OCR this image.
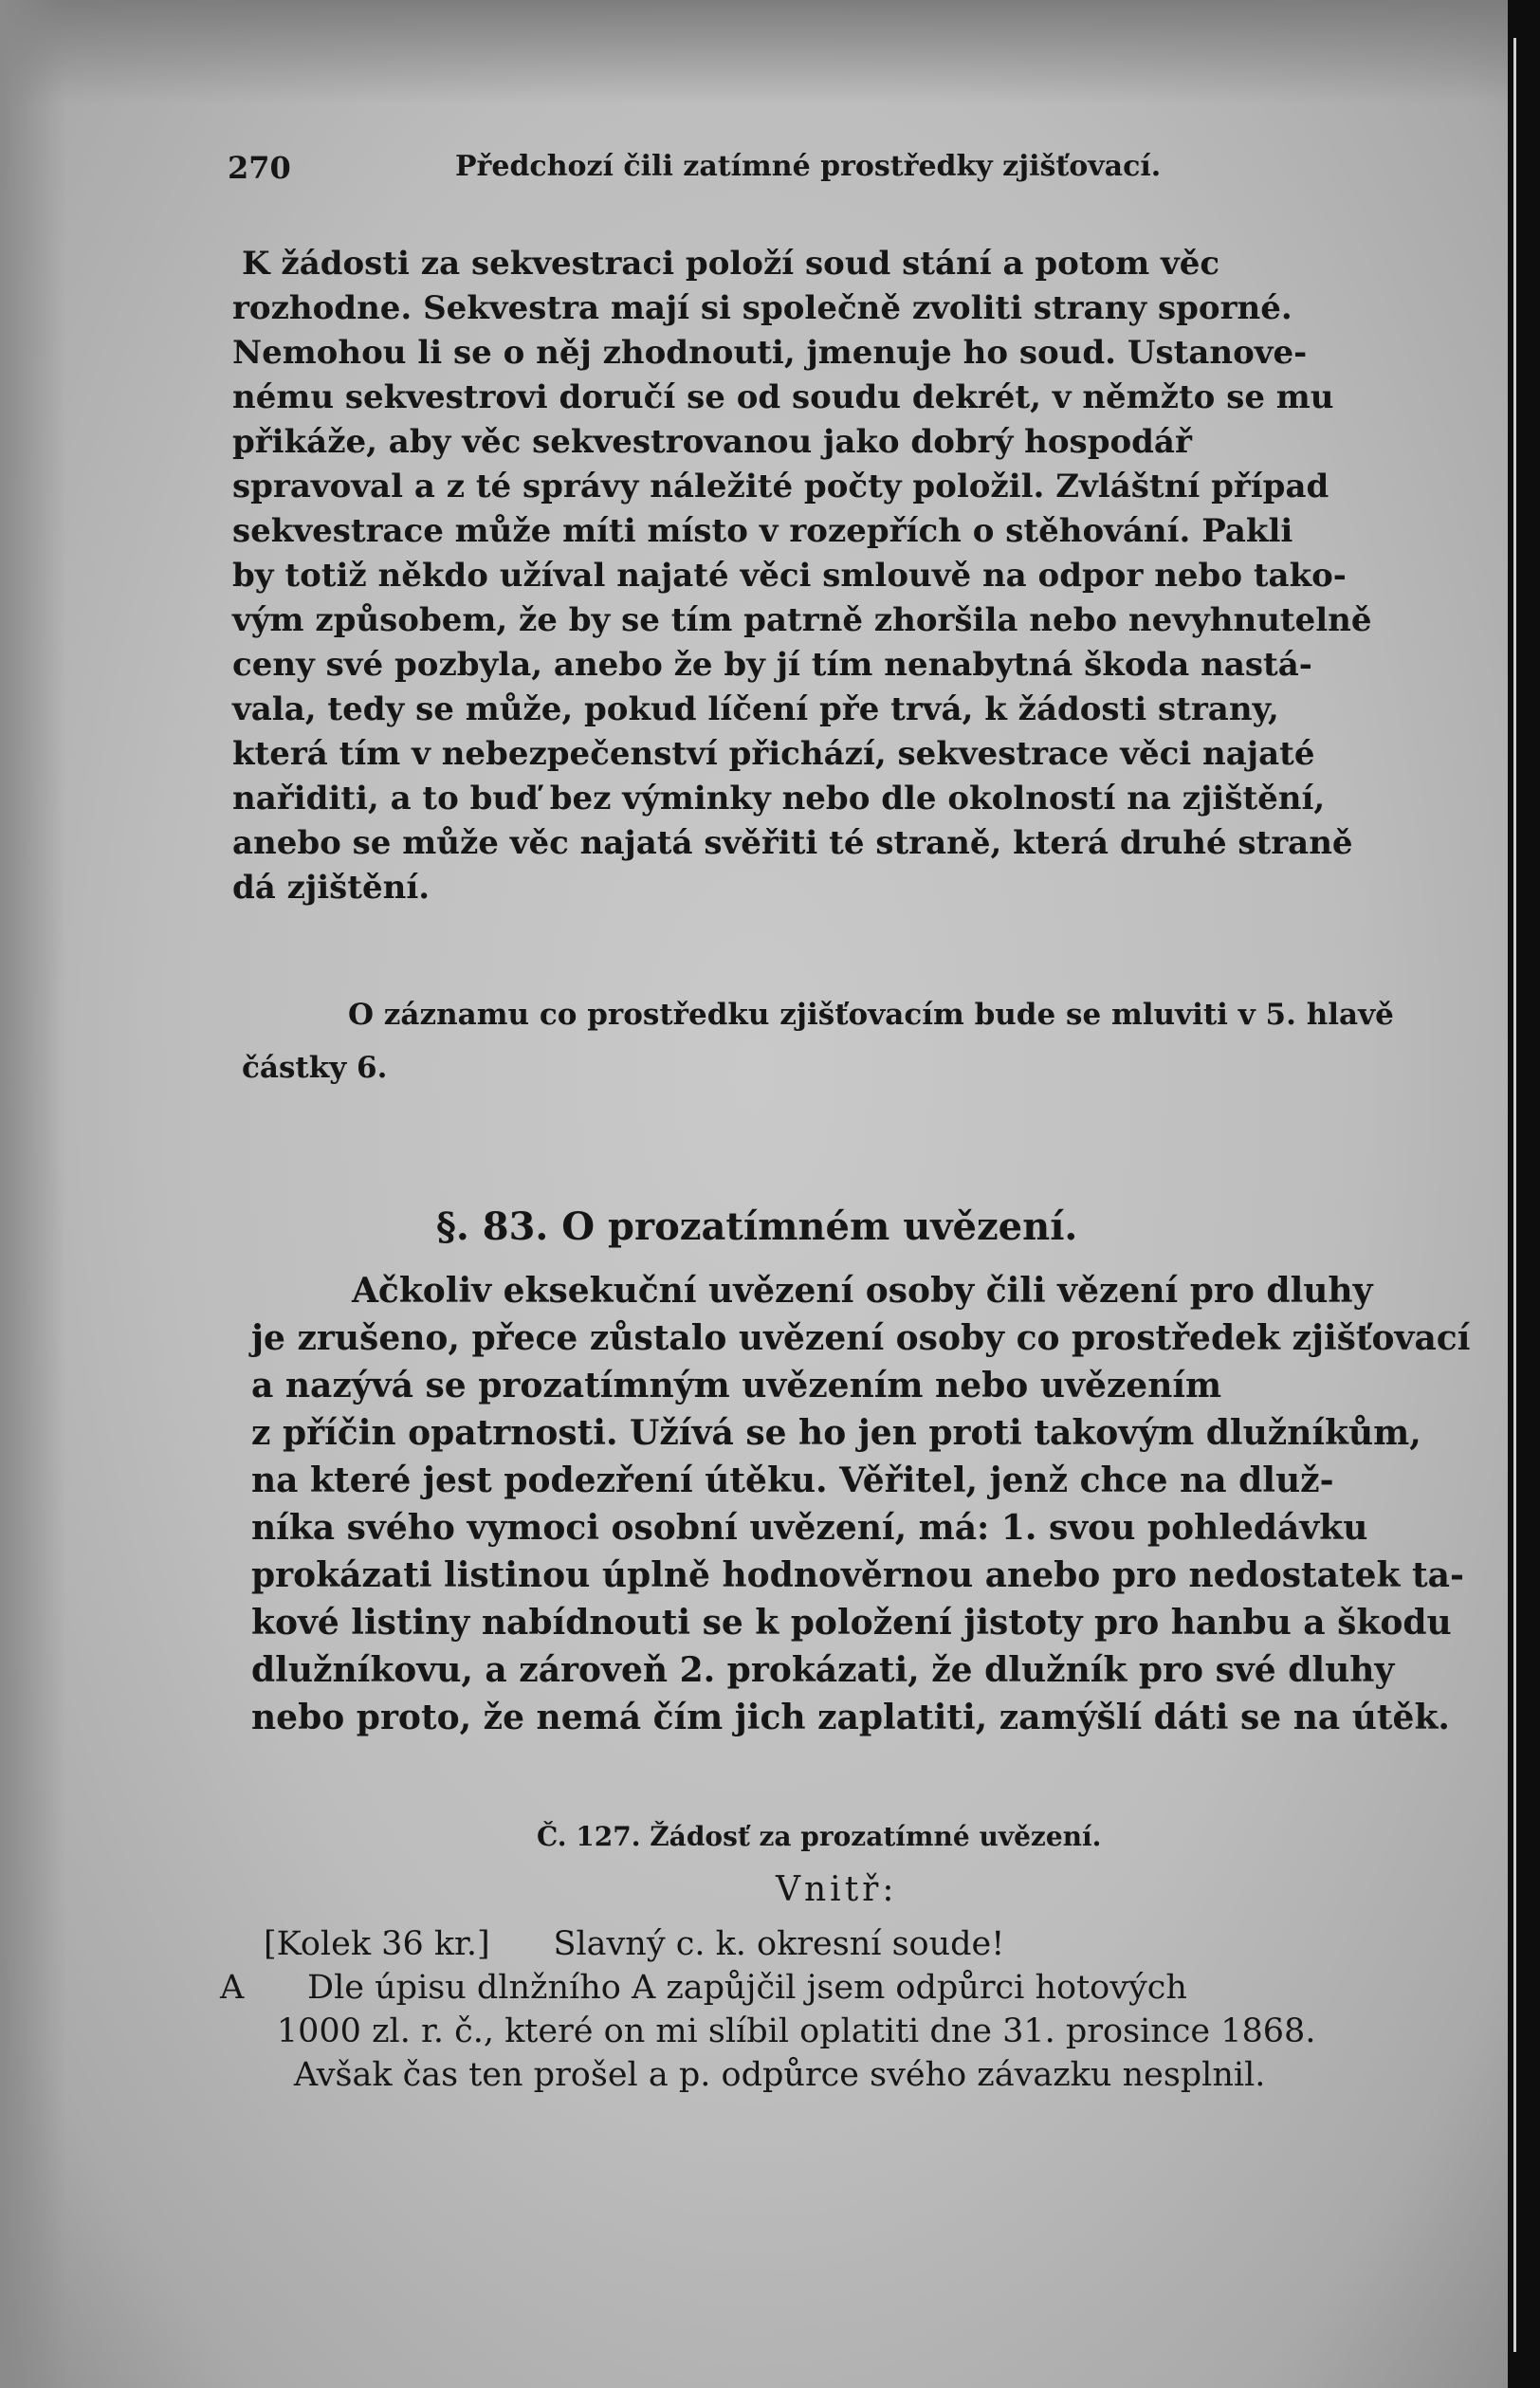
270	Předchozí čili zatímné prostředky zjišťovací.
K žádosti za sekvestraci položí soud stání a potom věc
rozhodne. Sekvestra mají si společně zvoliti strany sporné.
Nemohou li se o něj zhodnouti, jmenuje ho soud. Ustanove-
nému sekvestrovi doručí se od soudu dekrét, v němžto se mu
přikáže, aby věc sekvestrovanou jako dobrý hospodář
spravoval a z té správy náležité počty položil. Zvláštní případ
sekvestrace může míti místo v rozepřích o stěhování. Pakli
by totiž někdo užíval najaté věci smlouvě na odpor nebo tako-
vým způsobem, že by se tím patrně zhoršila nebo nevyhnutelně
ceny své pozbyla, anebo že by jí tím nenabytná škoda nastá-
vala, tedy se může, pokud líčení pře trvá, k žádosti strany,
která tím v nebezpečenství přichází, sekvestrace věci najaté
nařiditi, a to buď bez výminky nebo dle okolností na zjištění,
anebo se může věc najatá svěřiti té straně, která druhé straně
dá zjištění.
O záznamu co prostředku zjišťovacím bude se mluviti v 5. hlavě
částky 6.
§. 83. O prozatímném uvězení.
Ačkoliv eksekuční uvězení osoby čili vězení pro dluhy
je zrušeno, přece zůstalo uvězení osoby co prostředek zjišťovací
a nazývá se prozatímným uvězením nebo uvězením
z příčin opatrnosti. Užívá se ho jen proti takovým dlužníkům,
na které jest podezření útěku. Věřitel, jenž chce na dluž-
níka svého vymoci osobní uvězení, má: 1. svou pohledávku
prokázati listinou úplně hodnověrnou anebo pro nedostatek ta-
kové listiny nabídnouti se k položení jistoty pro hanbu a škodu
dlužníkovu, a zároveň 2. prokázati, že dlužník pro své dluhy
nebo proto, že nemá čím jich zaplatiti, zamýšlí dáti se na útěk.
Č. 127. Žádosť za prozatímné uvězení.
Vnitř:
[Kolek 36 kr.]      Slavný c. k. okresní soude!
A      Dle úpisu dlnžního A zapůjčil jsem odpůrci hotových
1000 zl. r. č., které on mi slíbil oplatiti dne 31. prosince 1868.
Avšak čas ten prošel a p. odpůrce svého závazku nesplnil.
